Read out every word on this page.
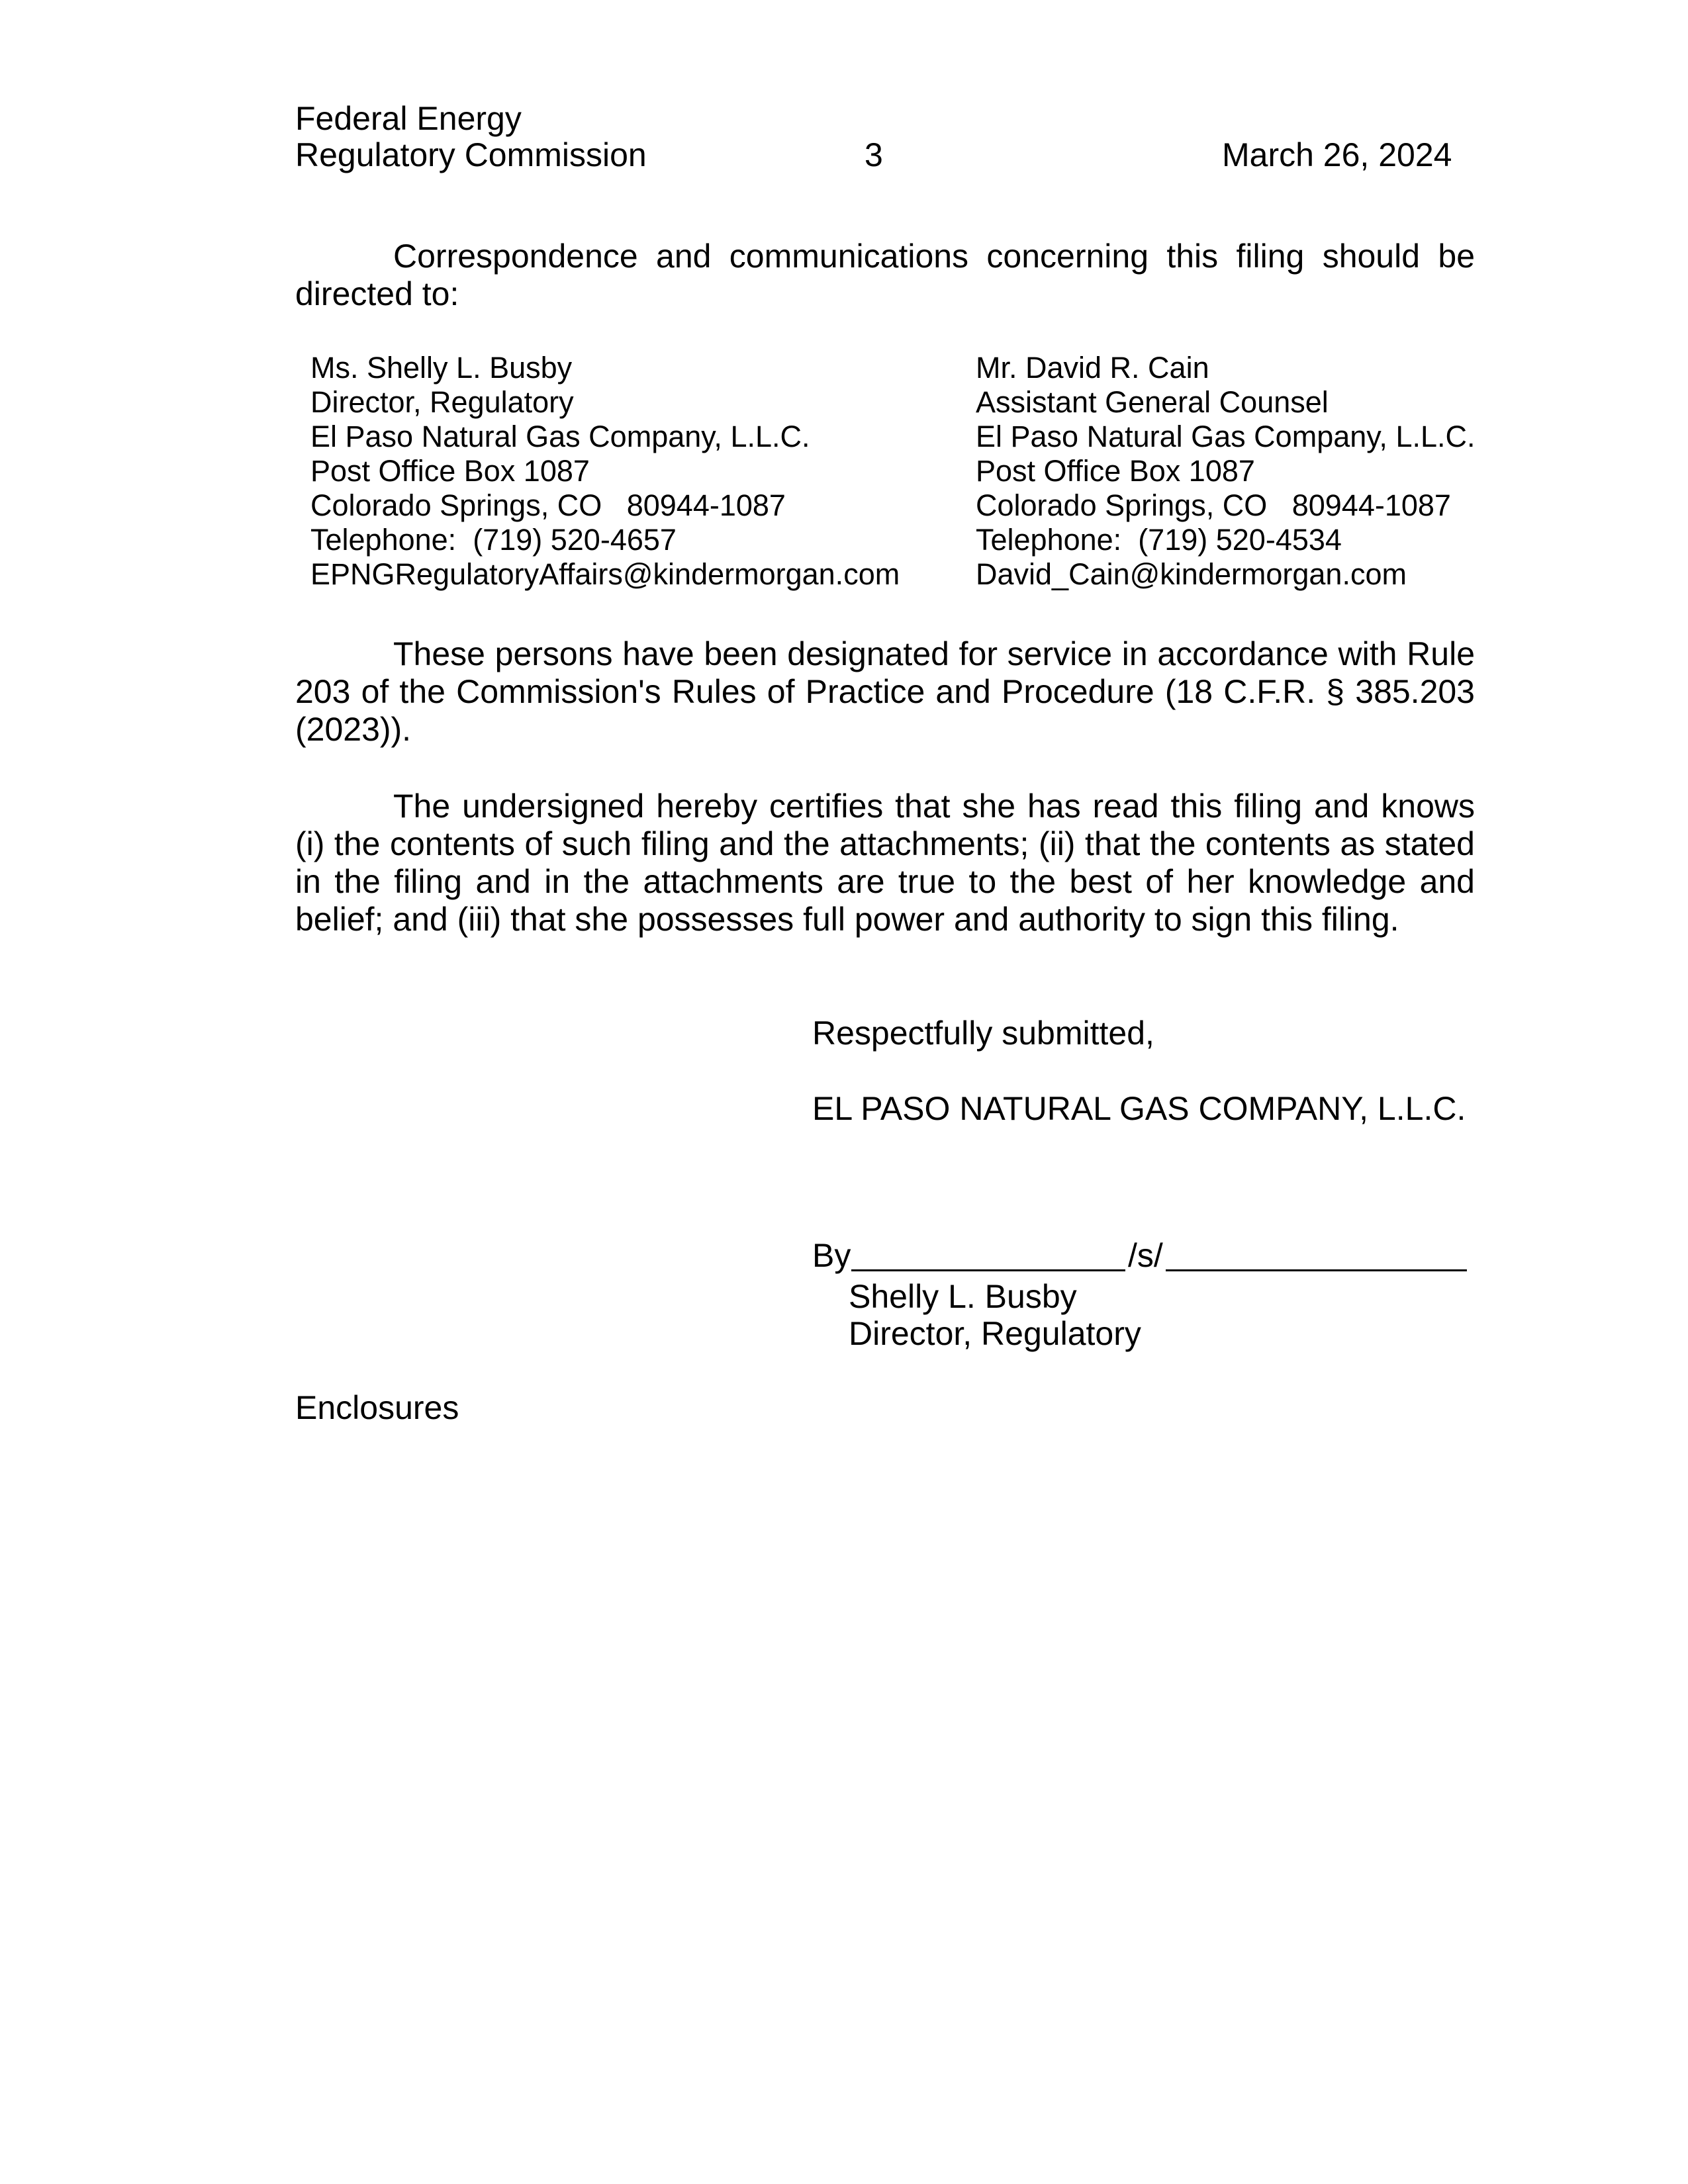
Federal Energy
Regulatory Commission	3	March 26, 2024

Correspondence and communications concerning this filing should be directed to:

Ms. Shelly L. Busby
Director, Regulatory
El Paso Natural Gas Company, L.L.C.
Post Office Box 1087
Colorado Springs, CO   80944-1087
Telephone:  (719) 520-4657
EPNGRegulatoryAffairs@kindermorgan.com
Mr. David R. Cain
Assistant General Counsel
El Paso Natural Gas Company, L.L.C.
Post Office Box 1087
Colorado Springs, CO   80944-1087
Telephone:  (719) 520-4534
David_Cain@kindermorgan.com

These persons have been designated for service in accordance with Rule 203 of the Commission's Rules of Practice and Procedure (18 C.F.R. § 385.203 (2023)).

The undersigned hereby certifies that she has read this filing and knows (i) the contents of such filing and the attachments; (ii) that the contents as stated in the filing and in the attachments are true to the best of her knowledge and belief; and (iii) that she possesses full power and authority to sign this filing.

Respectfully submitted,
EL PASO NATURAL GAS COMPANY, L.L.C.
By	/s/
Shelly L. Busby
Director, Regulatory
Enclosures
